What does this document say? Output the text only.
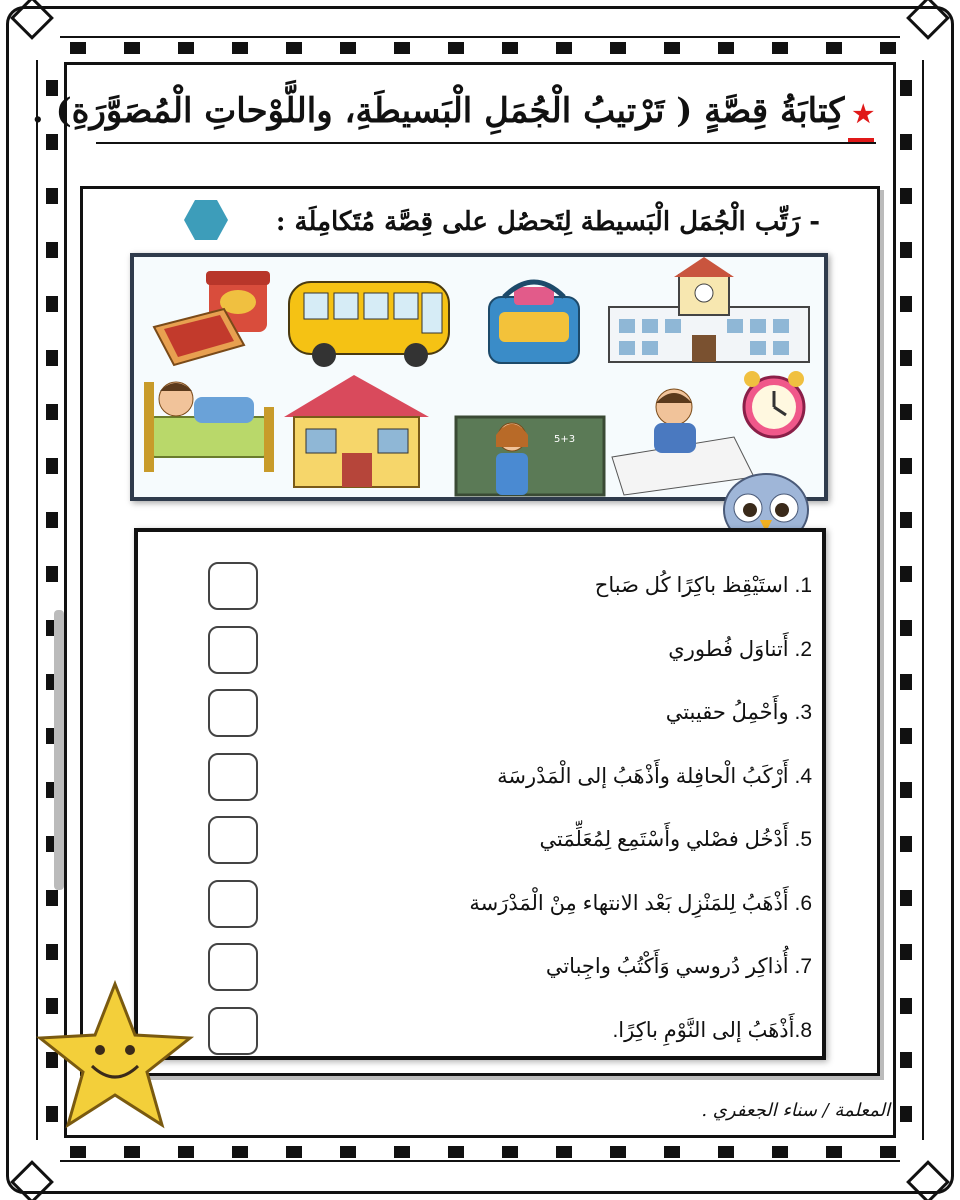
★كِتابَةُ قِصَّةٍ ( تَرْتيبُ الْجُمَلِ الْبَسيطَةِ، واللَّوْحاتِ الْمُصَوَّرَةِ) .
- رَتِّب الْجُمَل الْبَسيطة لِتَحصُل على قِصَّة مُتَكامِلَة :
5+3
1. استَيْقِظ باكِرًا كُل صَباح
2. أَتناوَل فُطوري
3. وأَحْمِلُ حقيبتي
4. أَرْكَبُ الْحافِلة وأَذْهَبُ إلى الْمَدْرسَة
5. أَدْخُل فصْلي وأَسْتَمِع لِمُعَلِّمَتي
6. أَذْهَبُ لِلمَنْزِل بَعْد الانتهاء مِنْ الْمَدْرَسة
7. أُذاكِر دُروسي وَأَكْتُبُ واجِباتي
8.أَذْهَبُ إلى النَّوْمِ باكِرًا.
المعلمة / سناء الجعفري .
